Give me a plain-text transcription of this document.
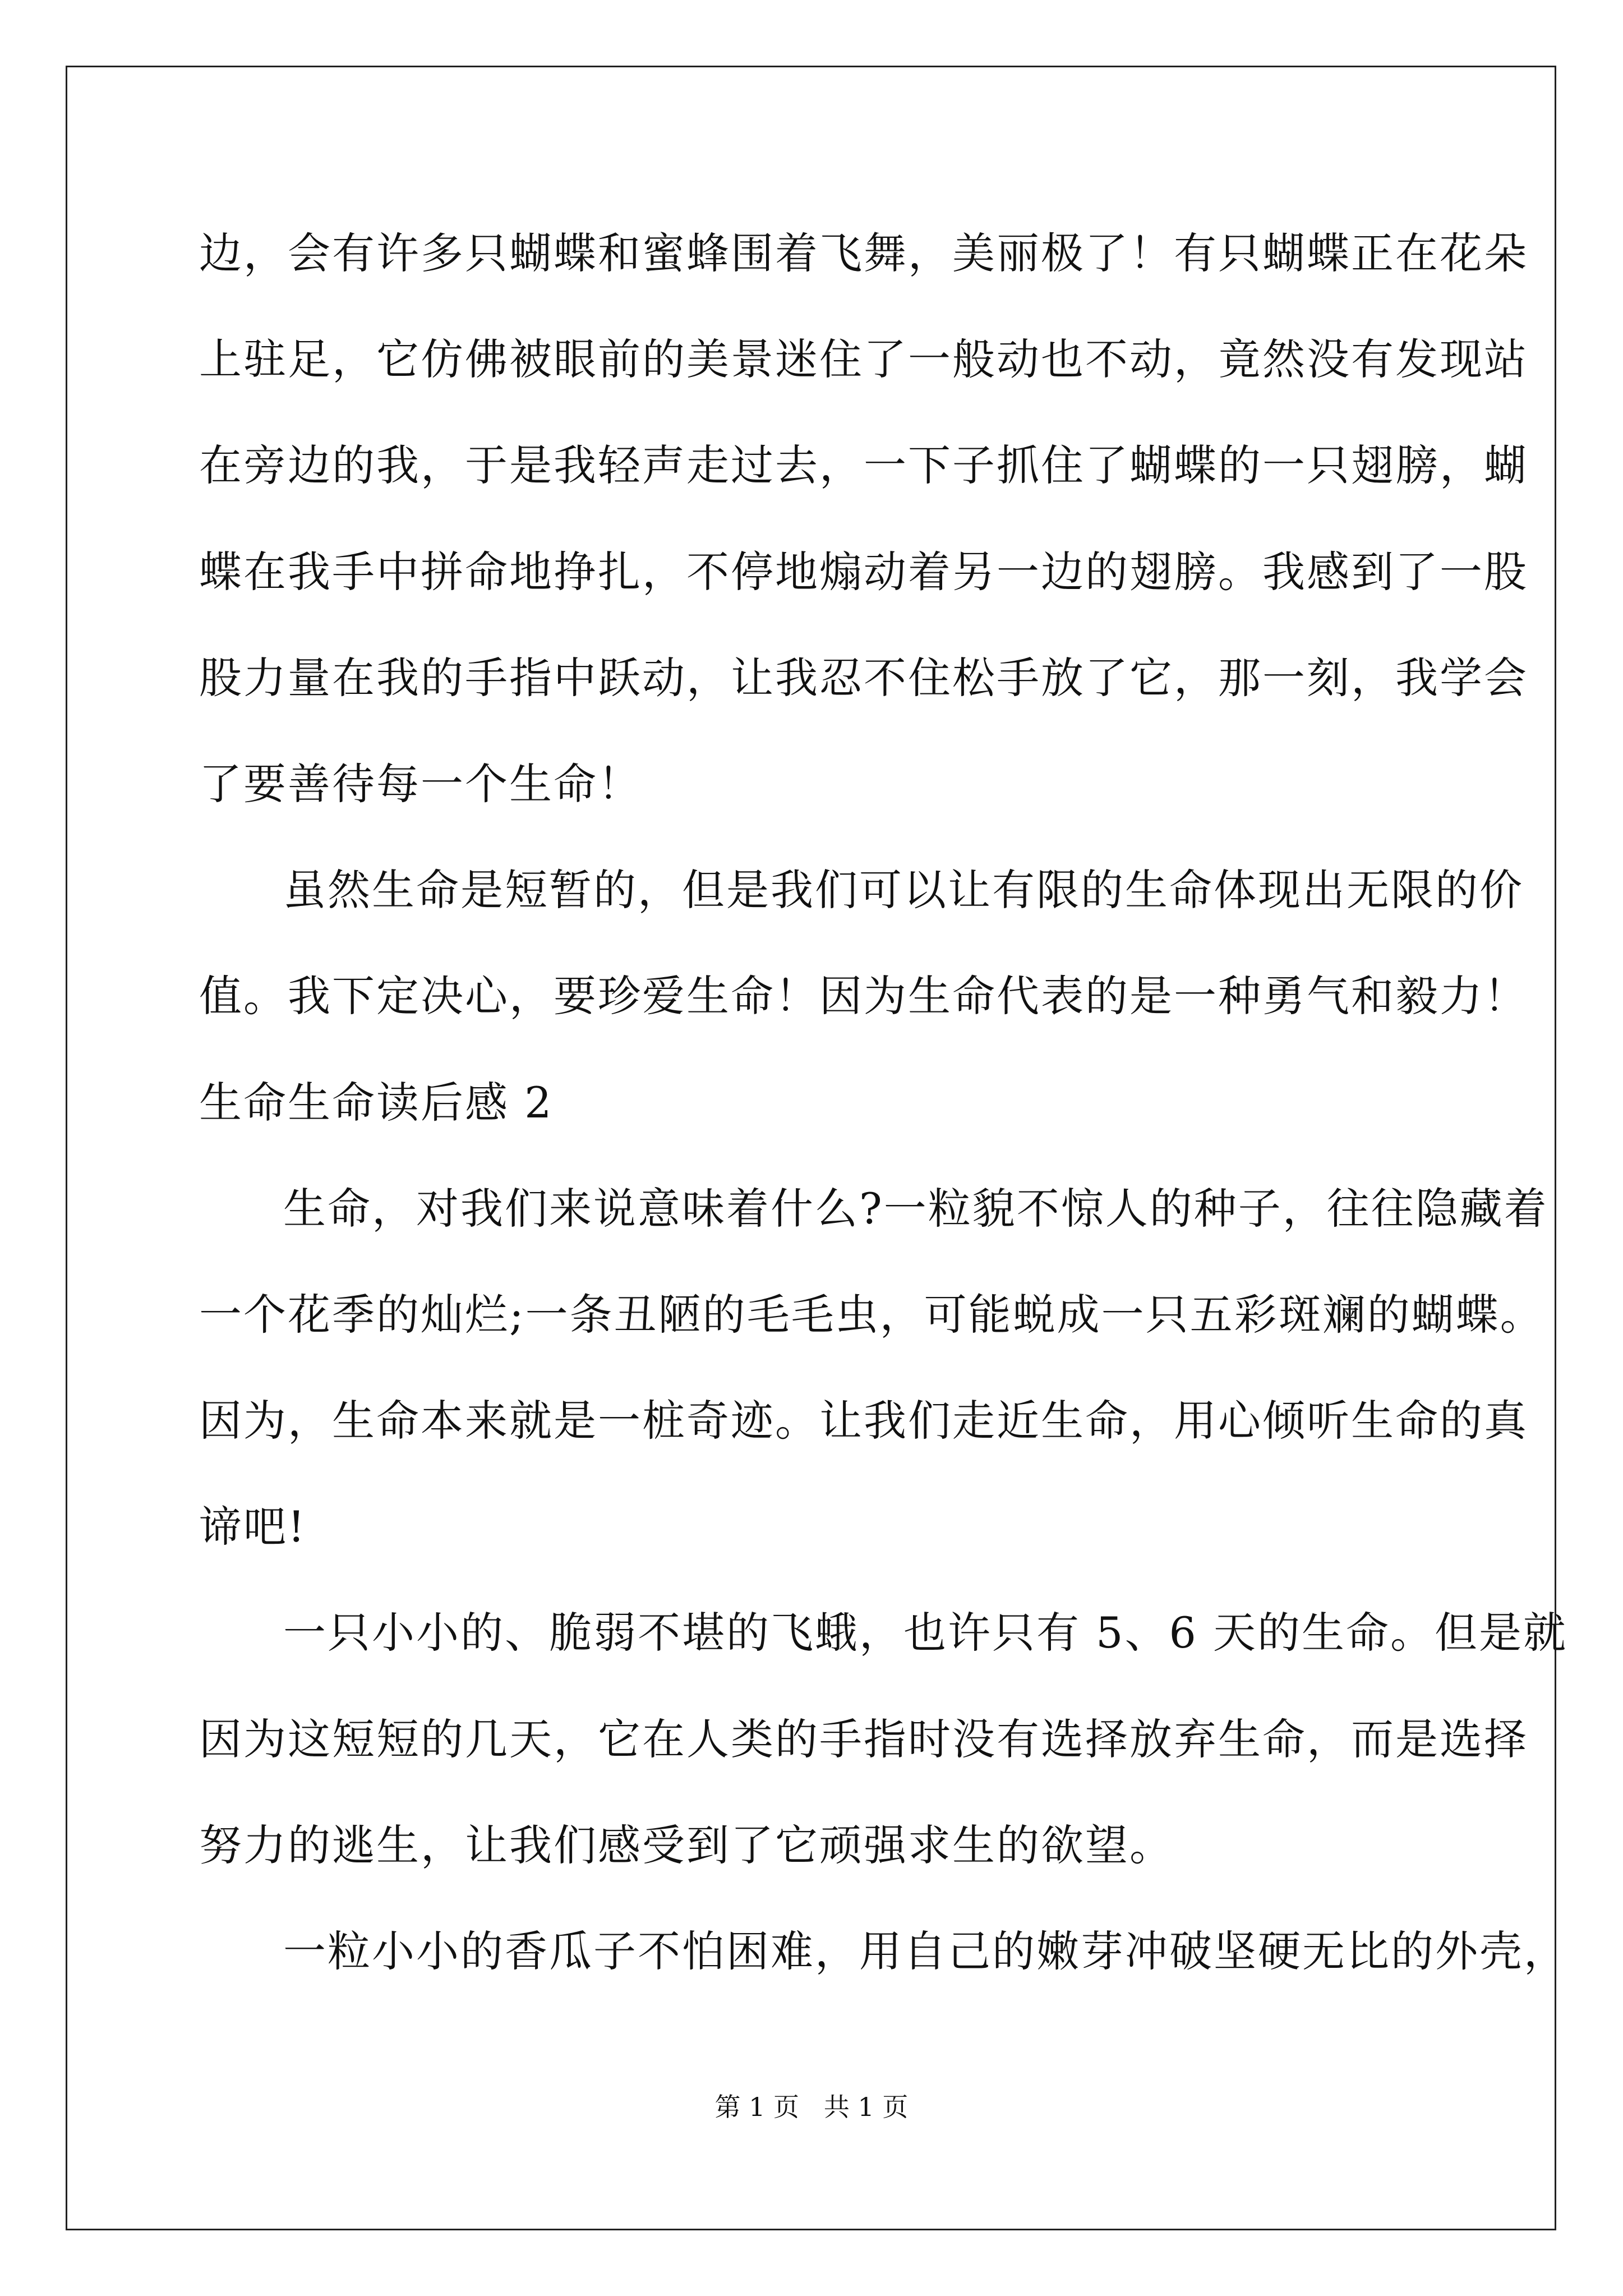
边，会有许多只蝴蝶和蜜蜂围着飞舞，美丽极了！有只蝴蝶正在花朵
上驻足，它仿佛被眼前的美景迷住了一般动也不动，竟然没有发现站
在旁边的我，于是我轻声走过去，一下子抓住了蝴蝶的一只翅膀，蝴
蝶在我手中拼命地挣扎，不停地煽动着另一边的翅膀。我感到了一股
股力量在我的手指中跃动，让我忍不住松手放了它，那一刻，我学会
了要善待每一个生命！
虽然生命是短暂的，但是我们可以让有限的生命体现出无限的价
值。我下定决心，要珍爱生命！因为生命代表的是一种勇气和毅力！
生命生命读后感 2
生命，对我们来说意味着什么?一粒貌不惊人的种子，往往隐藏着
一个花季的灿烂;一条丑陋的毛毛虫，可能蜕成一只五彩斑斓的蝴蝶。
因为，生命本来就是一桩奇迹。让我们走近生命，用心倾听生命的真
谛吧!
一只小小的、脆弱不堪的飞蛾，也许只有 5、6 天的生命。但是就
因为这短短的几天，它在人类的手指时没有选择放弃生命，而是选择
努力的逃生，让我们感受到了它顽强求生的欲望。
一粒小小的香瓜子不怕困难，用自己的嫩芽冲破坚硬无比的外壳，
第 1 页   共 1 页
